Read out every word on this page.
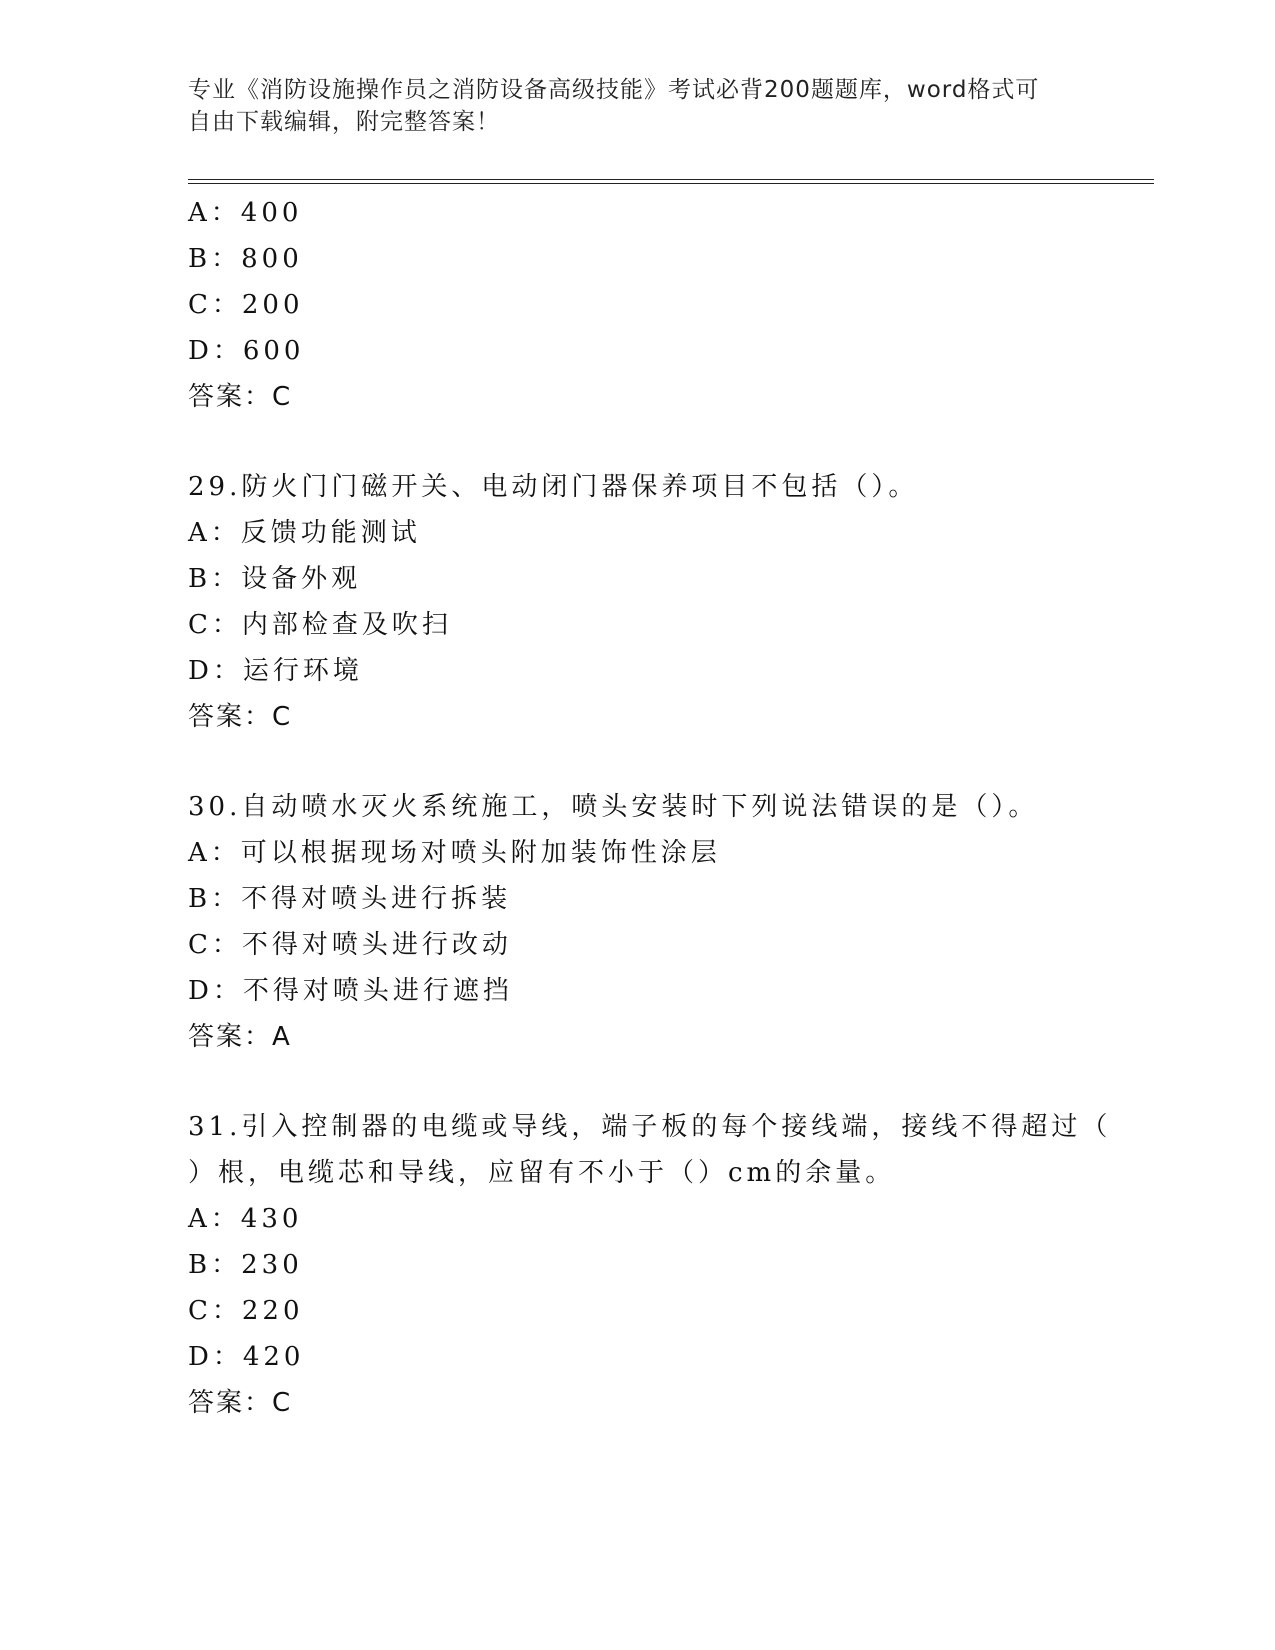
专业《消防设施操作员之消防设备高级技能》考试必背200题题库，word格式可
自由下载编辑，附完整答案！
A：400
B：800
C：200
D：600
答案：C
29.防火门门磁开关、电动闭门器保养项目不包括（）。
A：反馈功能测试
B：设备外观
C：内部检查及吹扫
D：运行环境
答案：C
30.自动喷水灭火系统施工，喷头安装时下列说法错误的是（）。
A：可以根据现场对喷头附加装饰性涂层
B：不得对喷头进行拆装
C：不得对喷头进行改动
D：不得对喷头进行遮挡
答案：A
31.引入控制器的电缆或导线，端子板的每个接线端，接线不得超过（
）根，电缆芯和导线，应留有不小于（）cm的余量。
A：430
B：230
C：220
D：420
答案：C
